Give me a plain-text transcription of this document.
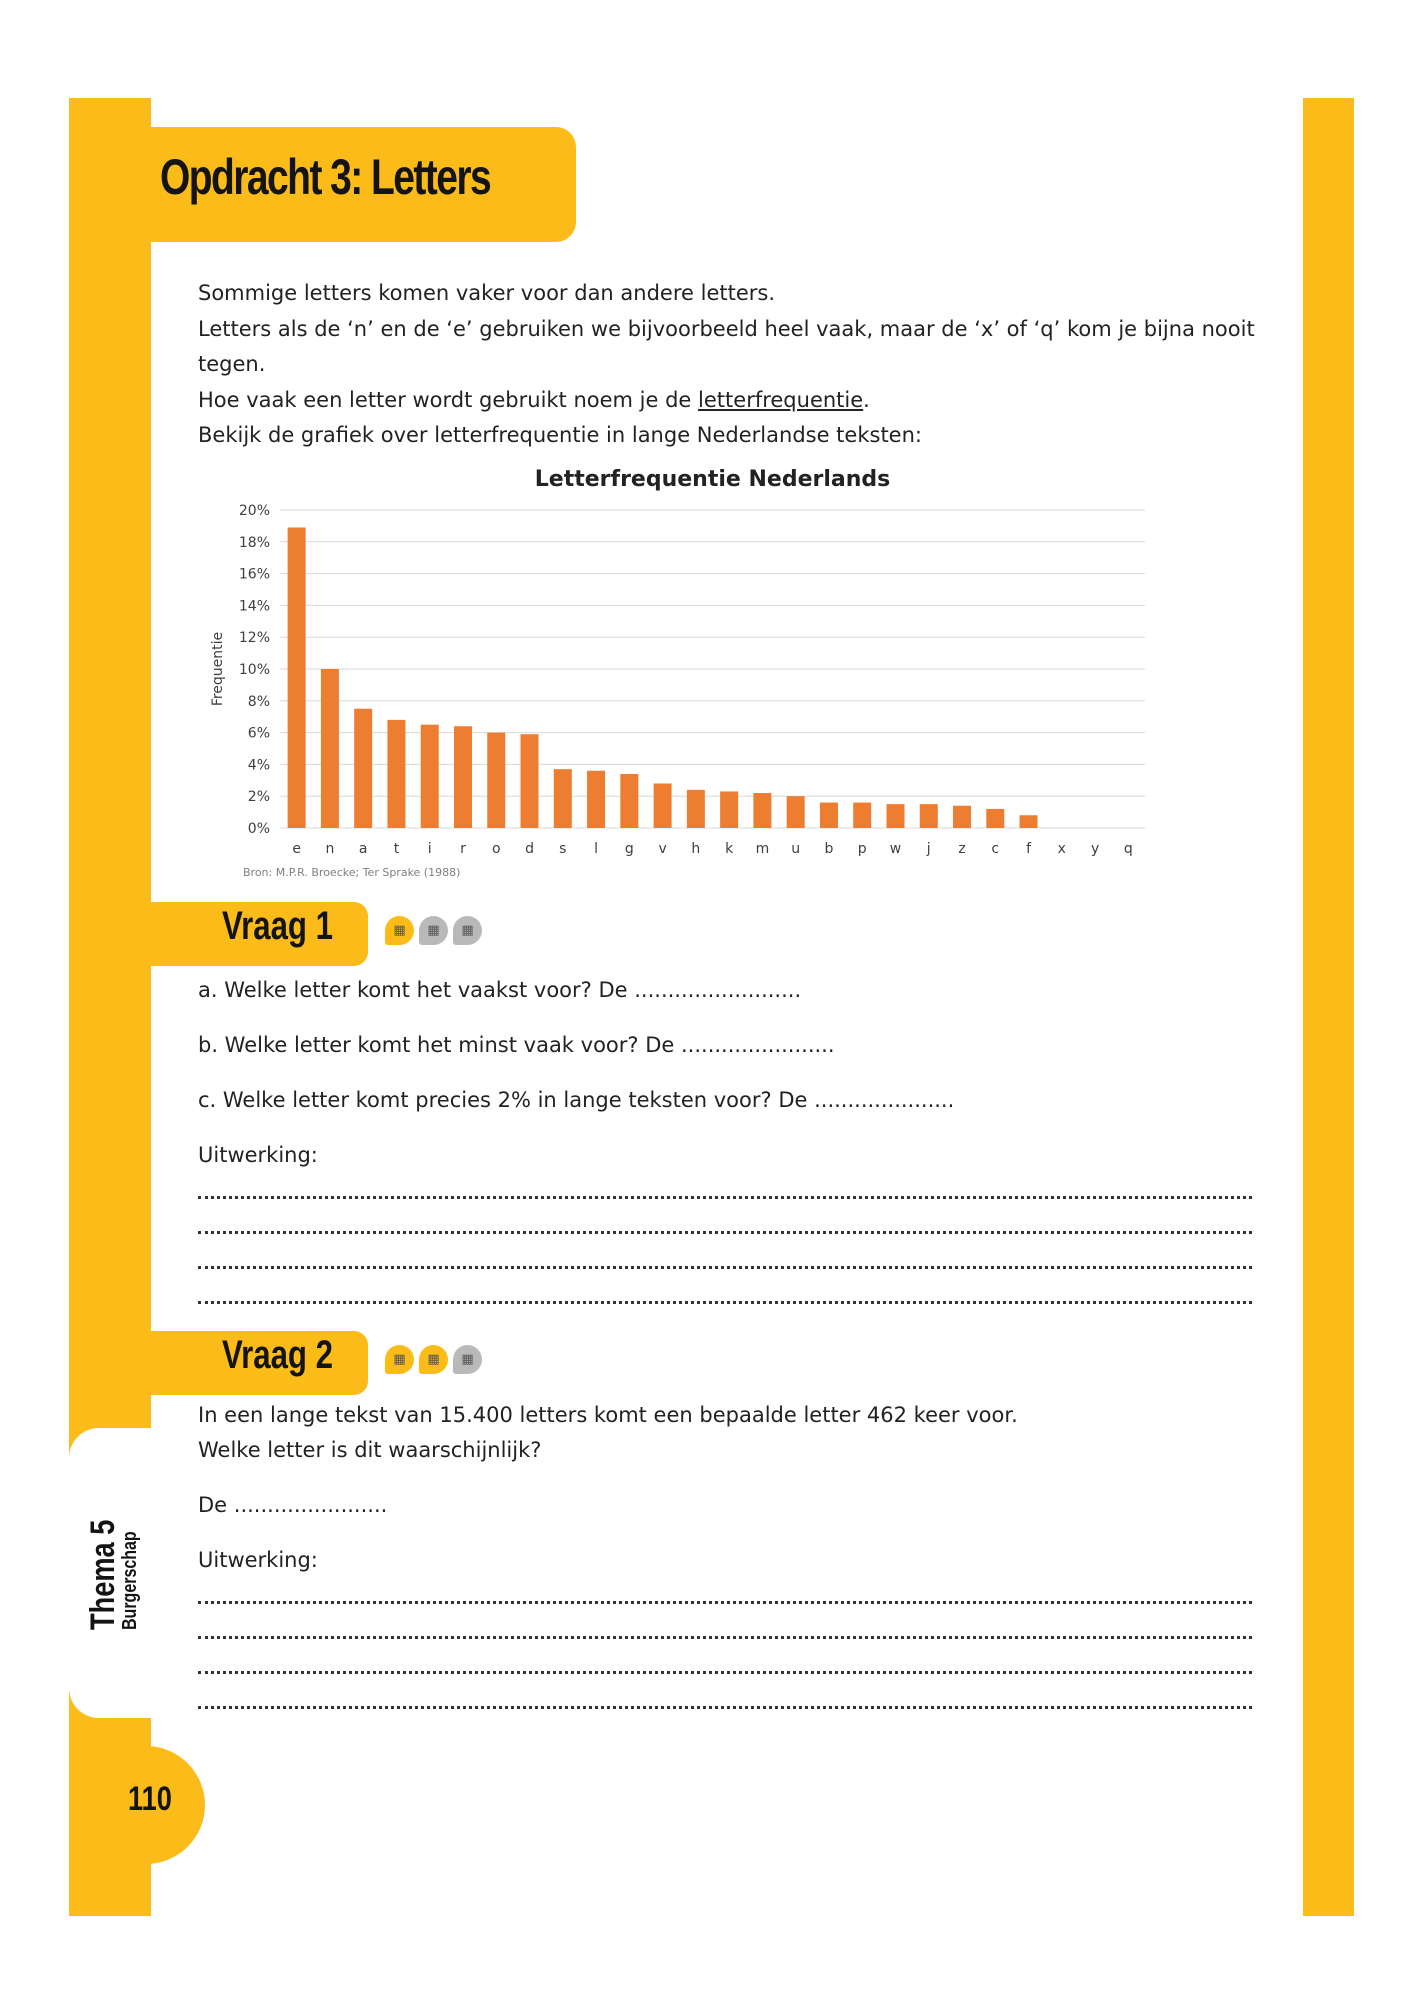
Opdracht 3: Letters

Sommige letters komen vaker voor dan andere letters.

Letters als de ‘n’ en de ‘e’ gebruiken we bijvoorbeeld heel vaak, maar de ‘x’ of ‘q’ kom je bijna nooit tegen.

Hoe vaak een letter wordt gebruikt noem je de letterfrequentie.

Bekijk de grafiek over letterfrequentie in lange Nederlandse teksten:

Letterfrequentie Nederlands
0%
2%
4%
6%
8%
10%
12%
14%
16%
18%
20%
Frequentie
e n a t i r o d s l g v h k m u b p w j z c f x y q
Bron: M.P.R. Broecke; Ter Sprake (1988)
Vraag 1	▦	▦	▦
a. Welke letter komt het vaakst voor? De .........................
b. Welke letter komt het minst vaak voor? De .......................
c. Welke letter komt precies 2% in lange teksten voor? De .....................
Uitwerking:
Vraag 2	▦	▦	▦
In een lange tekst van 15.400 letters komt een bepaalde letter 462 keer voor.
Welke letter is dit waarschijnlijk?
De .......................
Uitwerking:
Thema 5
Burgerschap
110
